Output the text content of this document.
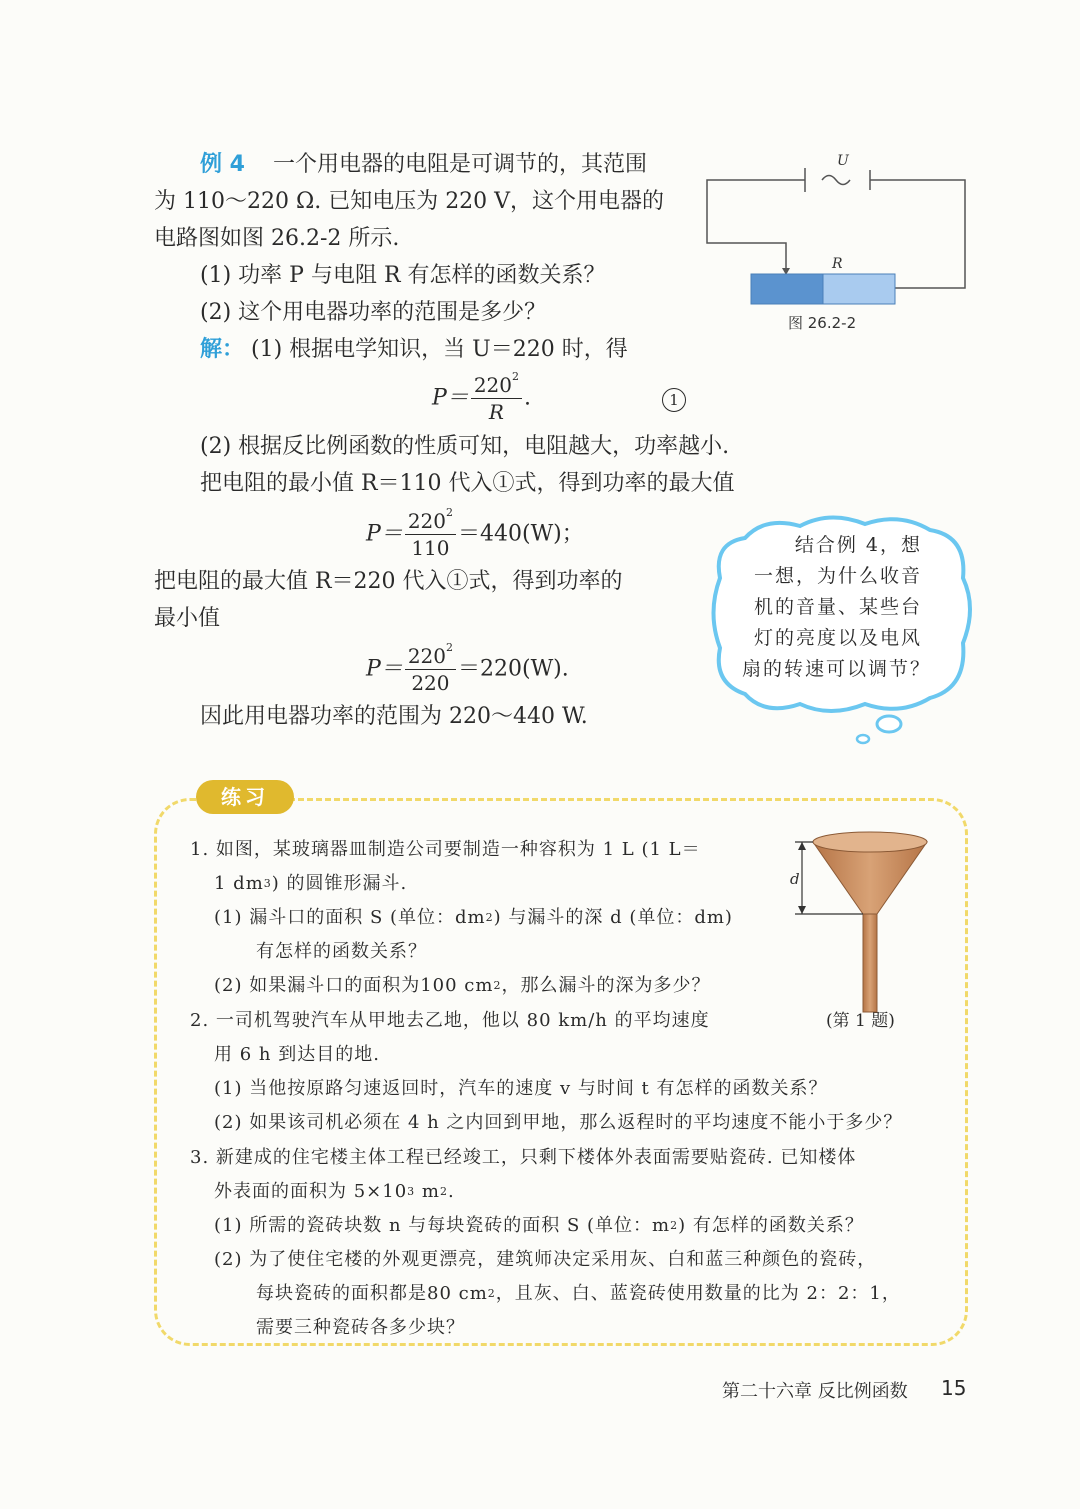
例 4 一个用电器的电阻是可调节的，其范围
为 110～220 Ω. 已知电压为 220 V，这个用电器的
电路图如图 26.2-2 所示.
(1) 功率 P 与电阻 R 有怎样的函数关系？
(2) 这个用电器功率的范围是多少？
解： (1) 根据电学知识，当 U＝220 时，得
$P= \frac{220^2}{R}$ .	1
(2) 根据反比例函数的性质可知，电阻越大，功率越小.
把电阻的最小值 R＝110 代入①式，得到功率的最大值
$P= \frac{220^2}{110} =440(W)$；
把电阻的最大值 R＝220 代入①式，得到功率的
最小值
$P= \frac{220^2}{220} =220(W)$.
因此用电器功率的范围为 220～440 W.
U
R
图 26.2-2
结合例 4，想
一想，为什么收音
机的音量、某些台
灯的亮度以及电风
扇的转速可以调节？
练习
1. 如图，某玻璃器皿制造公司要制造一种容积为 1 L (1 L＝
1 $dm^3$) 的圆锥形漏斗.
(1) 漏斗口的面积 S (单位：$dm^2$) 与漏斗的深 d (单位：dm)
有怎样的函数关系？
(2) 如果漏斗口的面积为100 $cm^2$，那么漏斗的深为多少？
2. 一司机驾驶汽车从甲地去乙地，他以 80 km/h 的平均速度
用 6 h 到达目的地.
(1) 当他按原路匀速返回时，汽车的速度 v 与时间 t 有怎样的函数关系？
(2) 如果该司机必须在 4 h 之内回到甲地，那么返程时的平均速度不能小于多少？
3. 新建成的住宅楼主体工程已经竣工，只剩下楼体外表面需要贴瓷砖. 已知楼体
外表面的面积为 $5\times 10^3$ $m^2$.
(1) 所需的瓷砖块数 n 与每块瓷砖的面积 S (单位：$m^2$) 有怎样的函数关系？
(2) 为了使住宅楼的外观更漂亮，建筑师决定采用灰、白和蓝三种颜色的瓷砖，
每块瓷砖的面积都是80 $cm^2$，且灰、白、蓝瓷砖使用数量的比为 2：2：1，
需要三种瓷砖各多少块？
d
(第 1 题)
第二十六章 反比例函数 15
